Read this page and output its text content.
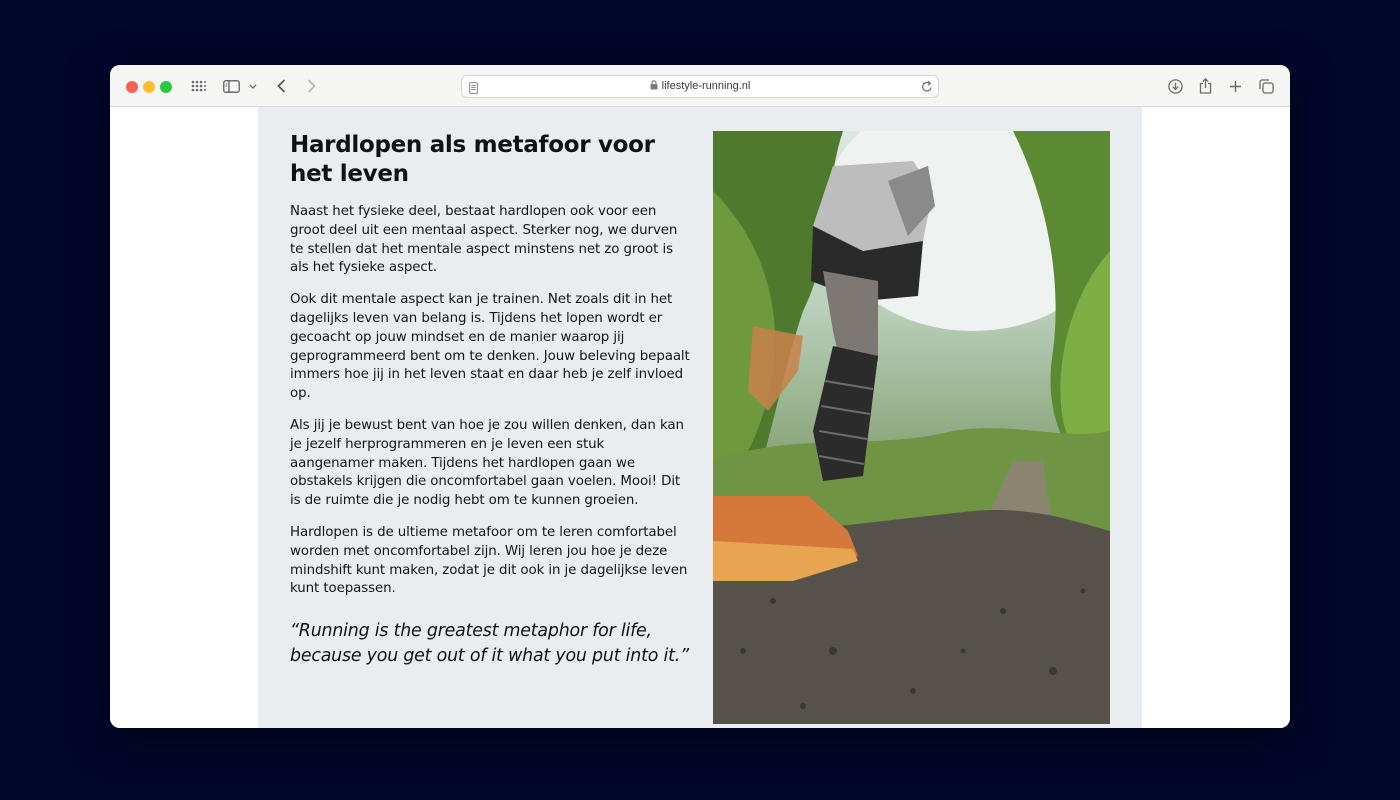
lifestyle-running.nl
Hardlopen als metafoor voor het leven

Naast het fysieke deel, bestaat hardlopen ook voor een groot deel uit een mentaal aspect. Sterker nog, we durven te stellen dat het mentale aspect minstens net zo groot is als het fysieke aspect.

Ook dit mentale aspect kan je trainen. Net zoals dit in het dagelijks leven van belang is. Tijdens het lopen wordt er gecoacht op jouw mindset en de manier waarop jij geprogrammeerd bent om te denken. Jouw beleving bepaalt immers hoe jij in het leven staat en daar heb je zelf invloed op.

Als jij je bewust bent van hoe je zou willen denken, dan kan je jezelf herprogrammeren en je leven een stuk aangenamer maken. Tijdens het hardlopen gaan we obstakels krijgen die oncomfortabel gaan voelen. Mooi! Dit is de ruimte die je nodig hebt om te kunnen groeien.

Hardlopen is de ultieme metafoor om te leren comfortabel worden met oncomfortabel zijn. Wij leren jou hoe je deze mindshift kunt maken, zodat je dit ook in je dagelijkse leven kunt toepassen.

“Running is the greatest metaphor for life, because you get out of it what you put into it.”
